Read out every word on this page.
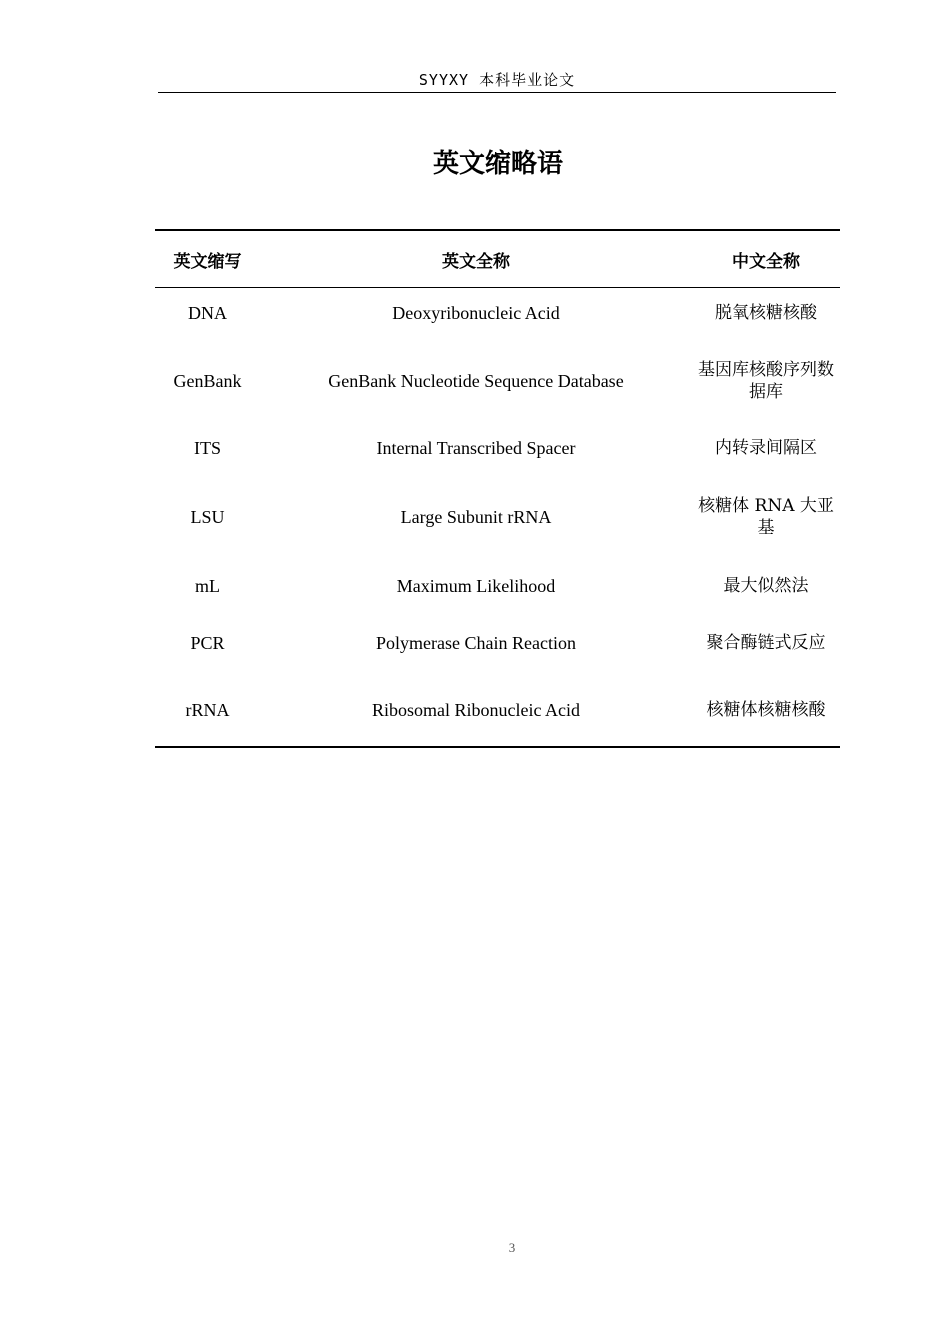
SYYXY 本科毕业论文
英文缩略语
英文缩写	英文全称	中文全称
DNA	Deoxyribonucleic Acid	脱氧核糖核酸
GenBank	GenBank Nucleotide Sequence Database	基因库核酸序列数据库
ITS	Internal Transcribed Spacer	内转录间隔区
LSU	Large Subunit rRNA	核糖体 RNA 大亚基
mL	Maximum Likelihood	最大似然法
PCR	Polymerase Chain Reaction	聚合酶链式反应
rRNA	Ribosomal Ribonucleic Acid	核糖体核糖核酸
3
